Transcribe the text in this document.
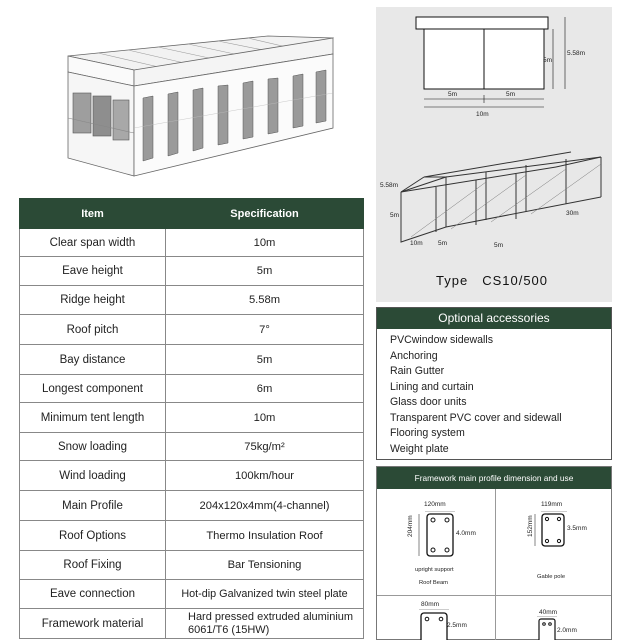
Item	Specification
Clear span width	10m
Eave height	5m
Ridge height	5.58m
Roof pitch	7°
Bay distance	5m
Longest component	6m
Minimum tent length	10m
Snow loading	75kg/m²
Wind loading	100km/hour
Main Profile	204x120x4mm(4-channel)
Roof Options	Thermo Insulation Roof
Roof Fixing	Bar Tensioning
Eave connection	Hot-dip Galvanized twin steel plate
Framework material	Hard pressed extruded aluminium 6061/T6 (15HW)
5m	5m
10m
5m
5.58m
5.58m
5m
10m 5m	5m
30m
Type CS10/500
Optional accessories
PVCwindow sidewalls
Anchoring
Rain Gutter
Lining and curtain
Glass door units
Transparent PVC cover and sidewall
Flooring system
Weight plate
Framework main profile dimension and use
120mm
204mm	4.0mm
upright support
Roof Beam
119mm
152mm	3.5mm
Gable pole
80mm
2.5mm
40mm
2.0mm
